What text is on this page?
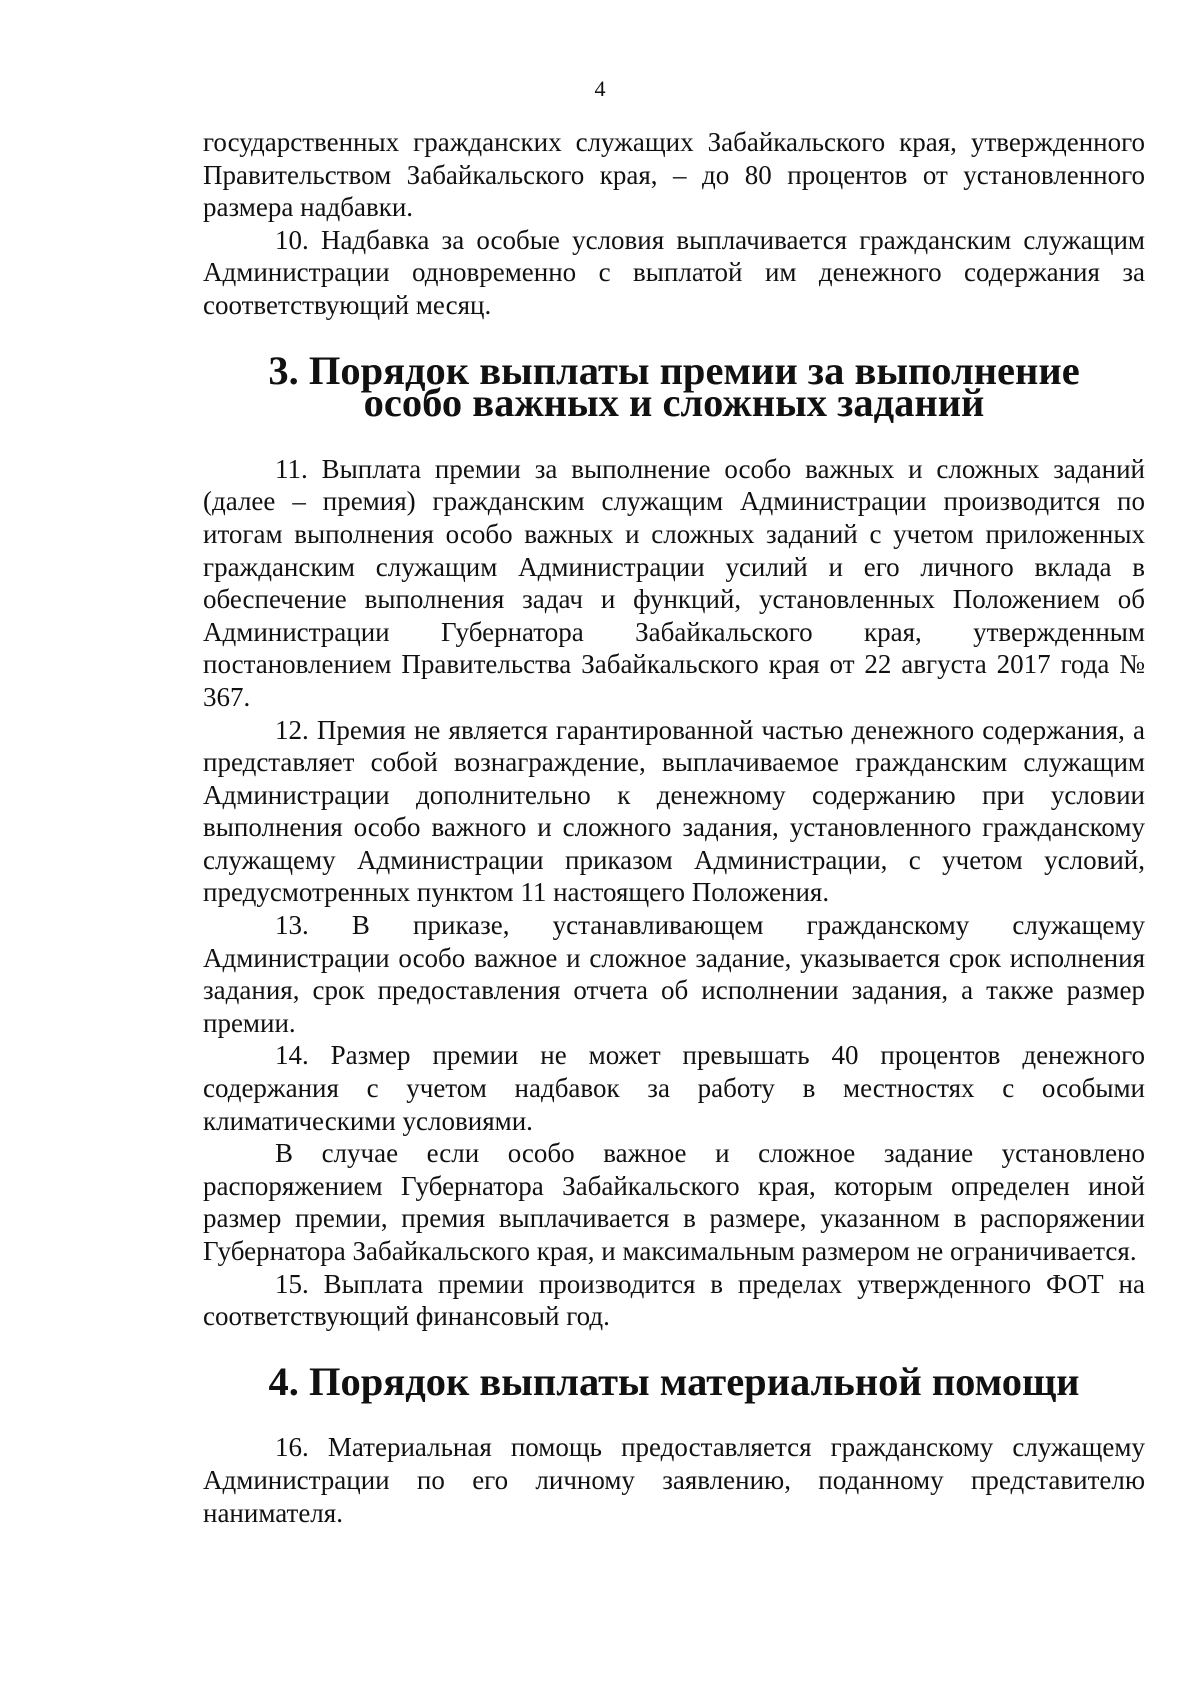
4

государственных гражданских служащих Забайкальского края, утвержденного Правительством Забайкальского края, – до 80 процентов от установленного размера надбавки.

10. Надбавка за особые условия выплачивается гражданским служащим Администрации одновременно с выплатой им денежного содержания за соответствующий месяц.

3. Порядок выплаты премии за выполнение
особо важных и сложных заданий

11. Выплата премии за выполнение особо важных и сложных заданий (далее – премия) гражданским служащим Администрации производится по итогам выполнения особо важных и сложных заданий с учетом приложенных гражданским служащим Администрации усилий и его личного вклада в обеспечение выполнения задач и функций, установленных Положением об Администрации Губернатора Забайкальского края, утвержденным постановлением Правительства Забайкальского края от 22 августа 2017 года № 367.

12. Премия не является гарантированной частью денежного содержания, а представляет собой вознаграждение, выплачиваемое гражданским служащим Администрации дополнительно к денежному содержанию при условии выполнения особо важного и сложного задания, установленного гражданскому служащему Администрации приказом Администрации, с учетом условий, предусмотренных пунктом 11 настоящего Положения.

13. В приказе, устанавливающем гражданскому служащему Администрации особо важное и сложное задание, указывается срок исполнения задания, срок предоставления отчета об исполнении задания, а также размер премии.

14. Размер премии не может превышать 40 процентов денежного содержания с учетом надбавок за работу в местностях с особыми климатическими условиями.

В случае если особо важное и сложное задание установлено распоряжением Губернатора Забайкальского края, которым определен иной размер премии, премия выплачивается в размере, указанном в распоряжении Губернатора Забайкальского края, и максимальным размером не ограничивается.

15. Выплата премии производится в пределах утвержденного ФОТ на соответствующий финансовый год.

4. Порядок выплаты материальной помощи

16. Материальная помощь предоставляется гражданскому служащему Администрации по его личному заявлению, поданному представителю нанимателя.
